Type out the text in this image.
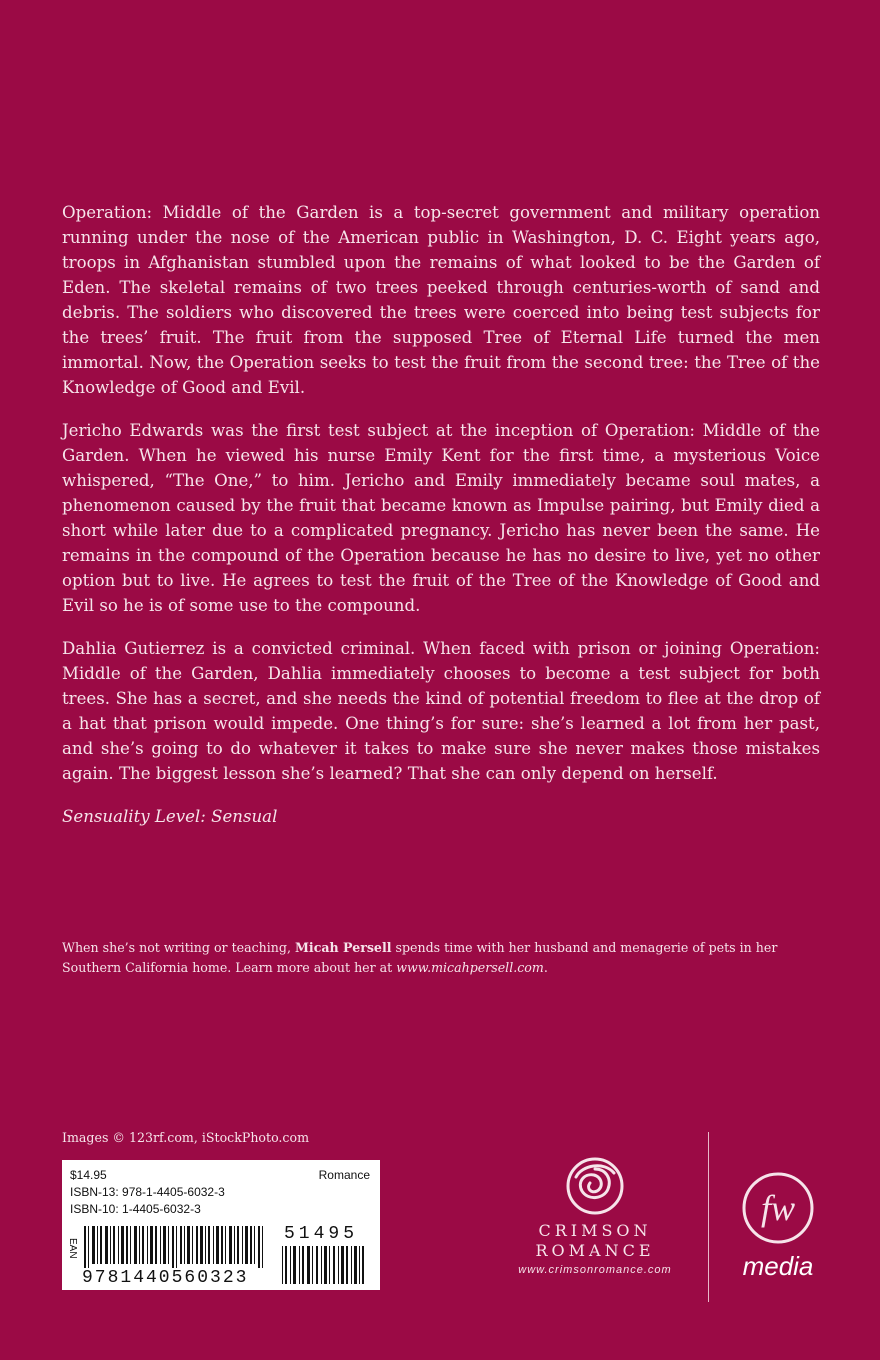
Operation: Middle of the Garden is a top-secret government and military operation running under the nose of the American public in Washington, D. C. Eight years ago, troops in Afghanistan stumbled upon the remains of what looked to be the Garden of Eden. The skeletal remains of two trees peeked through centuries-worth of sand and debris. The soldiers who discovered the trees were coerced into being test subjects for the trees’ fruit. The fruit from the supposed Tree of Eternal Life turned the men immortal. Now, the Operation seeks to test the fruit from the second tree: the Tree of the Knowledge of Good and Evil.

Jericho Edwards was the first test subject at the inception of Operation: Middle of the Garden. When he viewed his nurse Emily Kent for the first time, a mysterious Voice whispered, “The One,” to him. Jericho and Emily immediately became soul mates, a phenomenon caused by the fruit that became known as Impulse pairing, but Emily died a short while later due to a complicated pregnancy. Jericho has never been the same. He remains in the compound of the Operation because he has no desire to live, yet no other option but to live. He agrees to test the fruit of the Tree of the Knowledge of Good and Evil so he is of some use to the compound.

Dahlia Gutierrez is a convicted criminal. When faced with prison or joining Operation: Middle of the Garden, Dahlia immediately chooses to become a test subject for both trees. She has a secret, and she needs the kind of potential freedom to flee at the drop of a hat that prison would impede. One thing’s for sure: she’s learned a lot from her past, and she’s going to do whatever it takes to make sure she never makes those mistakes again. The biggest lesson she’s learned? That she can only depend on herself.

Sensuality Level: Sensual

When she’s not writing or teaching, Micah Persell spends time with her husband and menagerie of pets in her Southern California home. Learn more about her at www.micahpersell.com.

Images © 123rf.com, iStockPhoto.com

$14.95	Romance
ISBN-13: 978-1-4405-6032-3
ISBN-10: 1-4405-6032-3
EAN
9781440560323
51495	CRIMSON
ROMANCE
www.crimsonromance.com
fw
media
